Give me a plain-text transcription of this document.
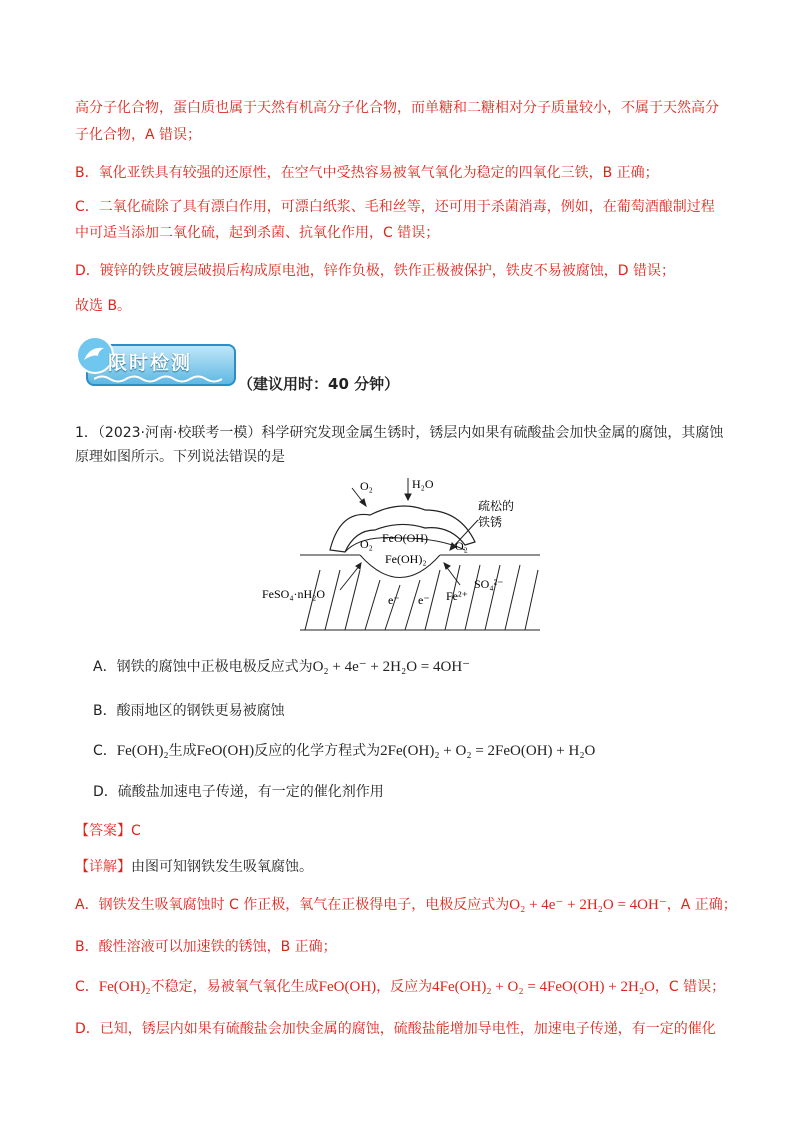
高分子化合物，蛋白质也属于天然有机高分子化合物，而单糖和二糖相对分子质量较小，不属于天然高分
子化合物，A 错误；
B．氧化亚铁具有较强的还原性，在空气中受热容易被氧气氧化为稳定的四氧化三铁，B 正确；
C．二氧化硫除了具有漂白作用，可漂白纸浆、毛和丝等，还可用于杀菌消毒，例如，在葡萄酒酿制过程
中可适当添加二氧化硫，起到杀菌、抗氧化作用，C 错误；
D．镀锌的铁皮镀层破损后构成原电池，锌作负极，铁作正极被保护，铁皮不易被腐蚀，D 错误；
故选 B。
限时检测
（建议用时：40 分钟）
1．（2023·河南·校联考一模）科学研究发现金属生锈时，锈层内如果有硫酸盐会加快金属的腐蚀，其腐蚀
原理如图所示。下列说法错误的是
O₂	H₂O
疏松的
铁锈
O₂ FeO(OH)
Fe(OH)₂
O₂
SO₄²⁻
FeSO₄·nH₂O	e⁻ e⁻ Fe²⁺
A．钢铁的腐蚀中正极电极反应式为O₂ + 4e⁻ + 2H₂O = 4OH⁻
B．酸雨地区的钢铁更易被腐蚀
C．Fe(OH)₂生成FeO(OH)反应的化学方程式为2Fe(OH)₂ + O₂ = 2FeO(OH) + H₂O
D．硫酸盐加速电子传递，有一定的催化剂作用
【答案】C
【详解】由图可知钢铁发生吸氧腐蚀。
A．钢铁发生吸氧腐蚀时 C 作正极，氧气在正极得电子，电极反应式为O₂ + 4e⁻ + 2H₂O = 4OH⁻，A 正确；
B．酸性溶液可以加速铁的锈蚀，B 正确；
C．Fe(OH)₂不稳定，易被氧气氧化生成FeO(OH)，反应为4Fe(OH)₂ + O₂ = 4FeO(OH) + 2H₂O，C 错误；
D．已知，锈层内如果有硫酸盐会加快金属的腐蚀，硫酸盐能增加导电性，加速电子传递，有一定的催化
